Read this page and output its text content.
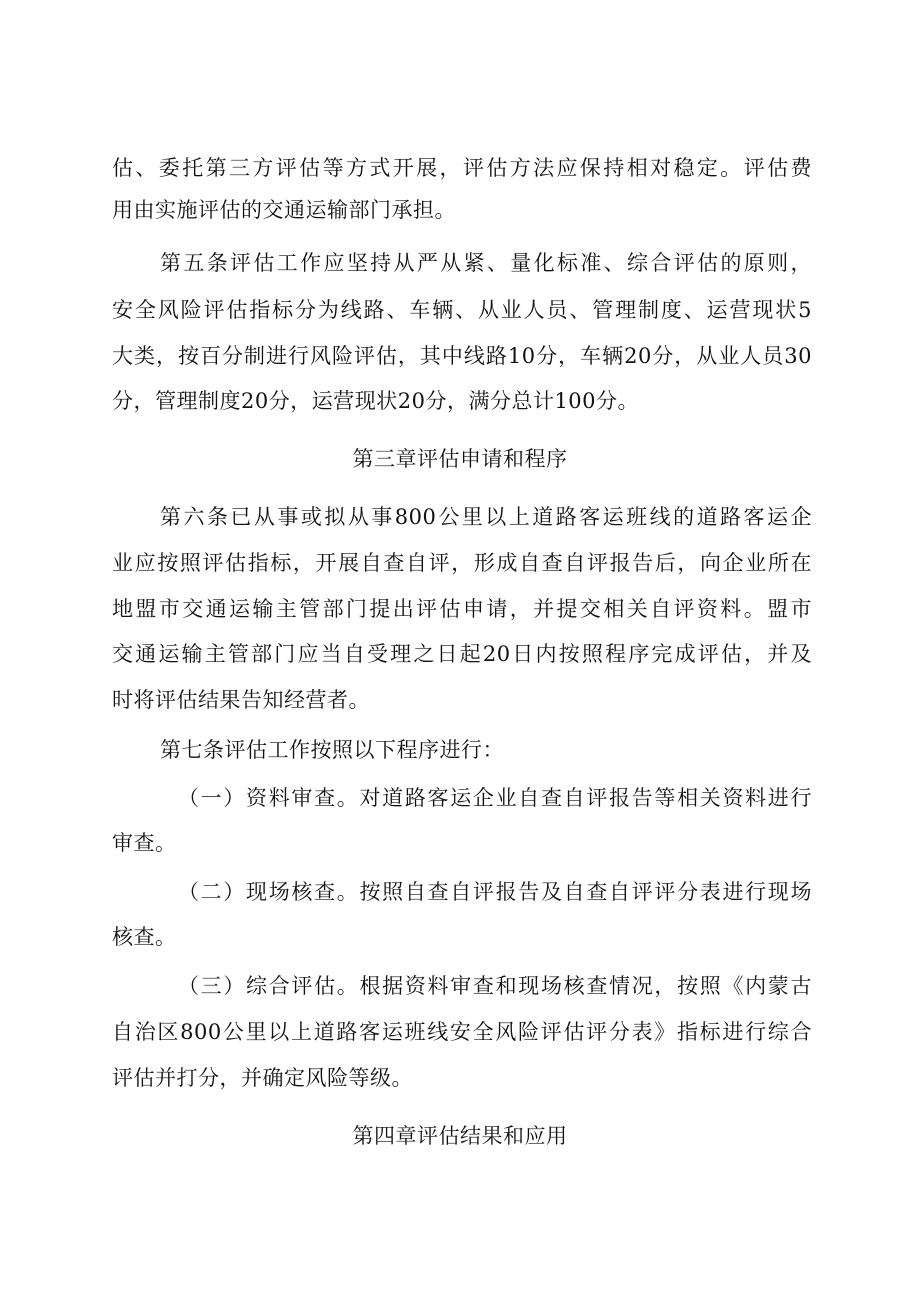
估、委托第三方评估等方式开展，评估方法应保持相对稳定。评估费
用由实施评估的交通运输部门承担。
第五条评估工作应坚持从严从紧、量化标准、综合评估的原则，
安全风险评估指标分为线路、车辆、从业人员、管理制度、运营现状5
大类，按百分制进行风险评估，其中线路10分，车辆20分，从业人员30
分，管理制度20分，运营现状20分，满分总计100分。
第三章评估申请和程序
第六条已从事或拟从事800公里以上道路客运班线的道路客运企
业应按照评估指标，开展自查自评，形成自查自评报告后，向企业所在
地盟市交通运输主管部门提出评估申请，并提交相关自评资料。盟市
交通运输主管部门应当自受理之日起20日内按照程序完成评估，并及
时将评估结果告知经营者。
第七条评估工作按照以下程序进行：
（一）资料审查。对道路客运企业自查自评报告等相关资料进行
审查。
（二）现场核查。按照自查自评报告及自查自评评分表进行现场
核查。
（三）综合评估。根据资料审查和现场核查情况，按照《内蒙古
自治区800公里以上道路客运班线安全风险评估评分表》指标进行综合
评估并打分，并确定风险等级。
第四章评估结果和应用
